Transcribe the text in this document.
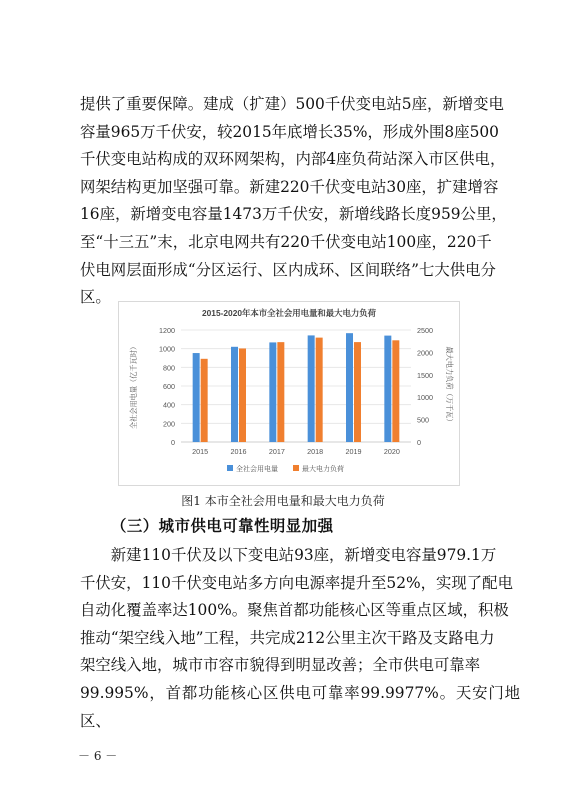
提供了重要保障。建成（扩建）500千伏变电站5座，新增变电
容量965万千伏安，较2015年底增长35%，形成外围8座500
千伏变电站构成的双环网架构，内部4座负荷站深入市区供电，
网架结构更加坚强可靠。新建220千伏变电站30座，扩建增容
16座，新增变电容量1473万千伏安，新增线路长度959公里，
至“十三五”末，北京电网共有220千伏变电站100座，220千
伏电网层面形成“分区运行、区内成环、区间联络”七大供电分
区。

2015-2020年本市全社会用电量和最大电力负荷
0
200
400
600
800
1000
1200
0
500
1000
1500
2000
2500
全社会用电量（亿千瓦时）	最大电力负荷（万千瓦）
2015	2016	2017	2018	2019	2020
全社会用电量	最大电力负荷

图1 本市全社会用电量和最大电力负荷

（三）城市供电可靠性明显加强

　　新建110千伏及以下变电站93座，新增变电容量979.1万
千伏安，110千伏变电站多方向电源率提升至52%，实现了配电
自动化覆盖率达100%。聚焦首都功能核心区等重点区域，积极
推动“架空线入地”工程，共完成212公里主次干路及支路电力
架空线入地，城市市容市貌得到明显改善；全市供电可靠率
99.995%，首都功能核心区供电可靠率99.9977%。天安门地区、

－ 6 －
